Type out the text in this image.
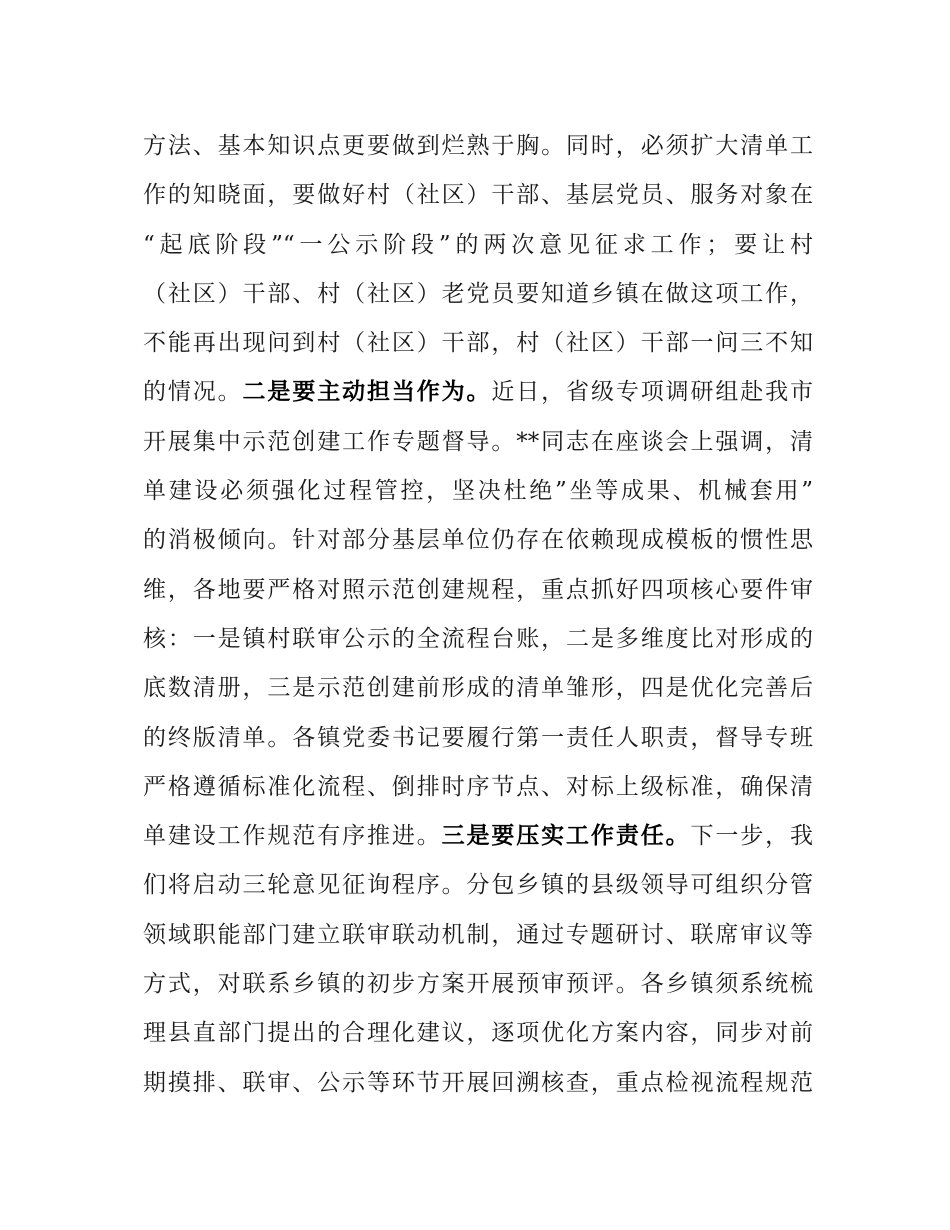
方法、基本知识点更要做到烂熟于胸。同时，必须扩大清单工
作的知晓面，要做好村（社区）干部、基层党员、服务对象在
“起底阶段”“一公示阶段”的两次意见征求工作；要让村
（社区）干部、村（社区）老党员要知道乡镇在做这项工作，
不能再出现问到村（社区）干部，村（社区）干部一问三不知
的情况。二是要主动担当作为。近日，省级专项调研组赴我市
开展集中示范创建工作专题督导。**同志在座谈会上强调，清
单建设必须强化过程管控，坚决杜绝”坐等成果、机械套用”
的消极倾向。针对部分基层单位仍存在依赖现成模板的惯性思
维，各地要严格对照示范创建规程，重点抓好四项核心要件审
核：一是镇村联审公示的全流程台账，二是多维度比对形成的
底数清册，三是示范创建前形成的清单雏形，四是优化完善后
的终版清单。各镇党委书记要履行第一责任人职责，督导专班
严格遵循标准化流程、倒排时序节点、对标上级标准，确保清
单建设工作规范有序推进。三是要压实工作责任。下一步，我
们将启动三轮意见征询程序。分包乡镇的县级领导可组织分管
领域职能部门建立联审联动机制，通过专题研讨、联席审议等
方式，对联系乡镇的初步方案开展预审预评。各乡镇须系统梳
理县直部门提出的合理化建议，逐项优化方案内容，同步对前
期摸排、联审、公示等环节开展回溯核查，重点检视流程规范
